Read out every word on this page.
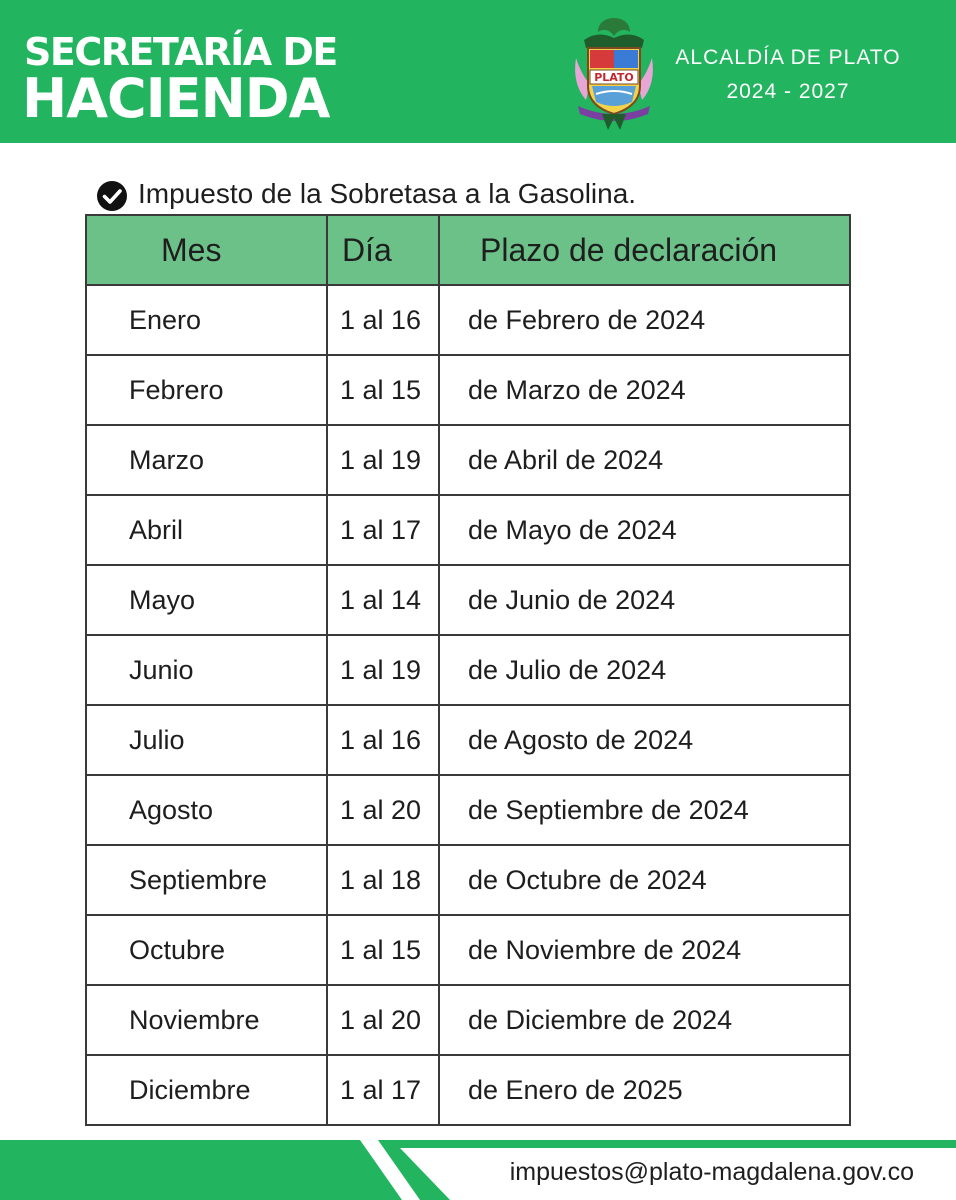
SECRETARÍA DE
HACIENDA	PLATO
ALCALDÍA DE PLATO
2024 - 2027
Impuesto de la Sobretasa a la Gasolina.
Mes	Día	Plazo de declaración
Enero	1 al 16	de Febrero de 2024
Febrero	1 al 15	de Marzo de 2024
Marzo	1 al 19	de Abril de 2024
Abril	1 al 17	de Mayo de 2024
Mayo	1 al 14	de Junio de 2024
Junio	1 al 19	de Julio de 2024
Julio	1 al 16	de Agosto de 2024
Agosto	1 al 20	de Septiembre de 2024
Septiembre	1 al 18	de Octubre de 2024
Octubre	1 al 15	de Noviembre de 2024
Noviembre	1 al 20	de Diciembre de 2024
Diciembre	1 al 17	de Enero de 2025
impuestos@plato-magdalena.gov.co
